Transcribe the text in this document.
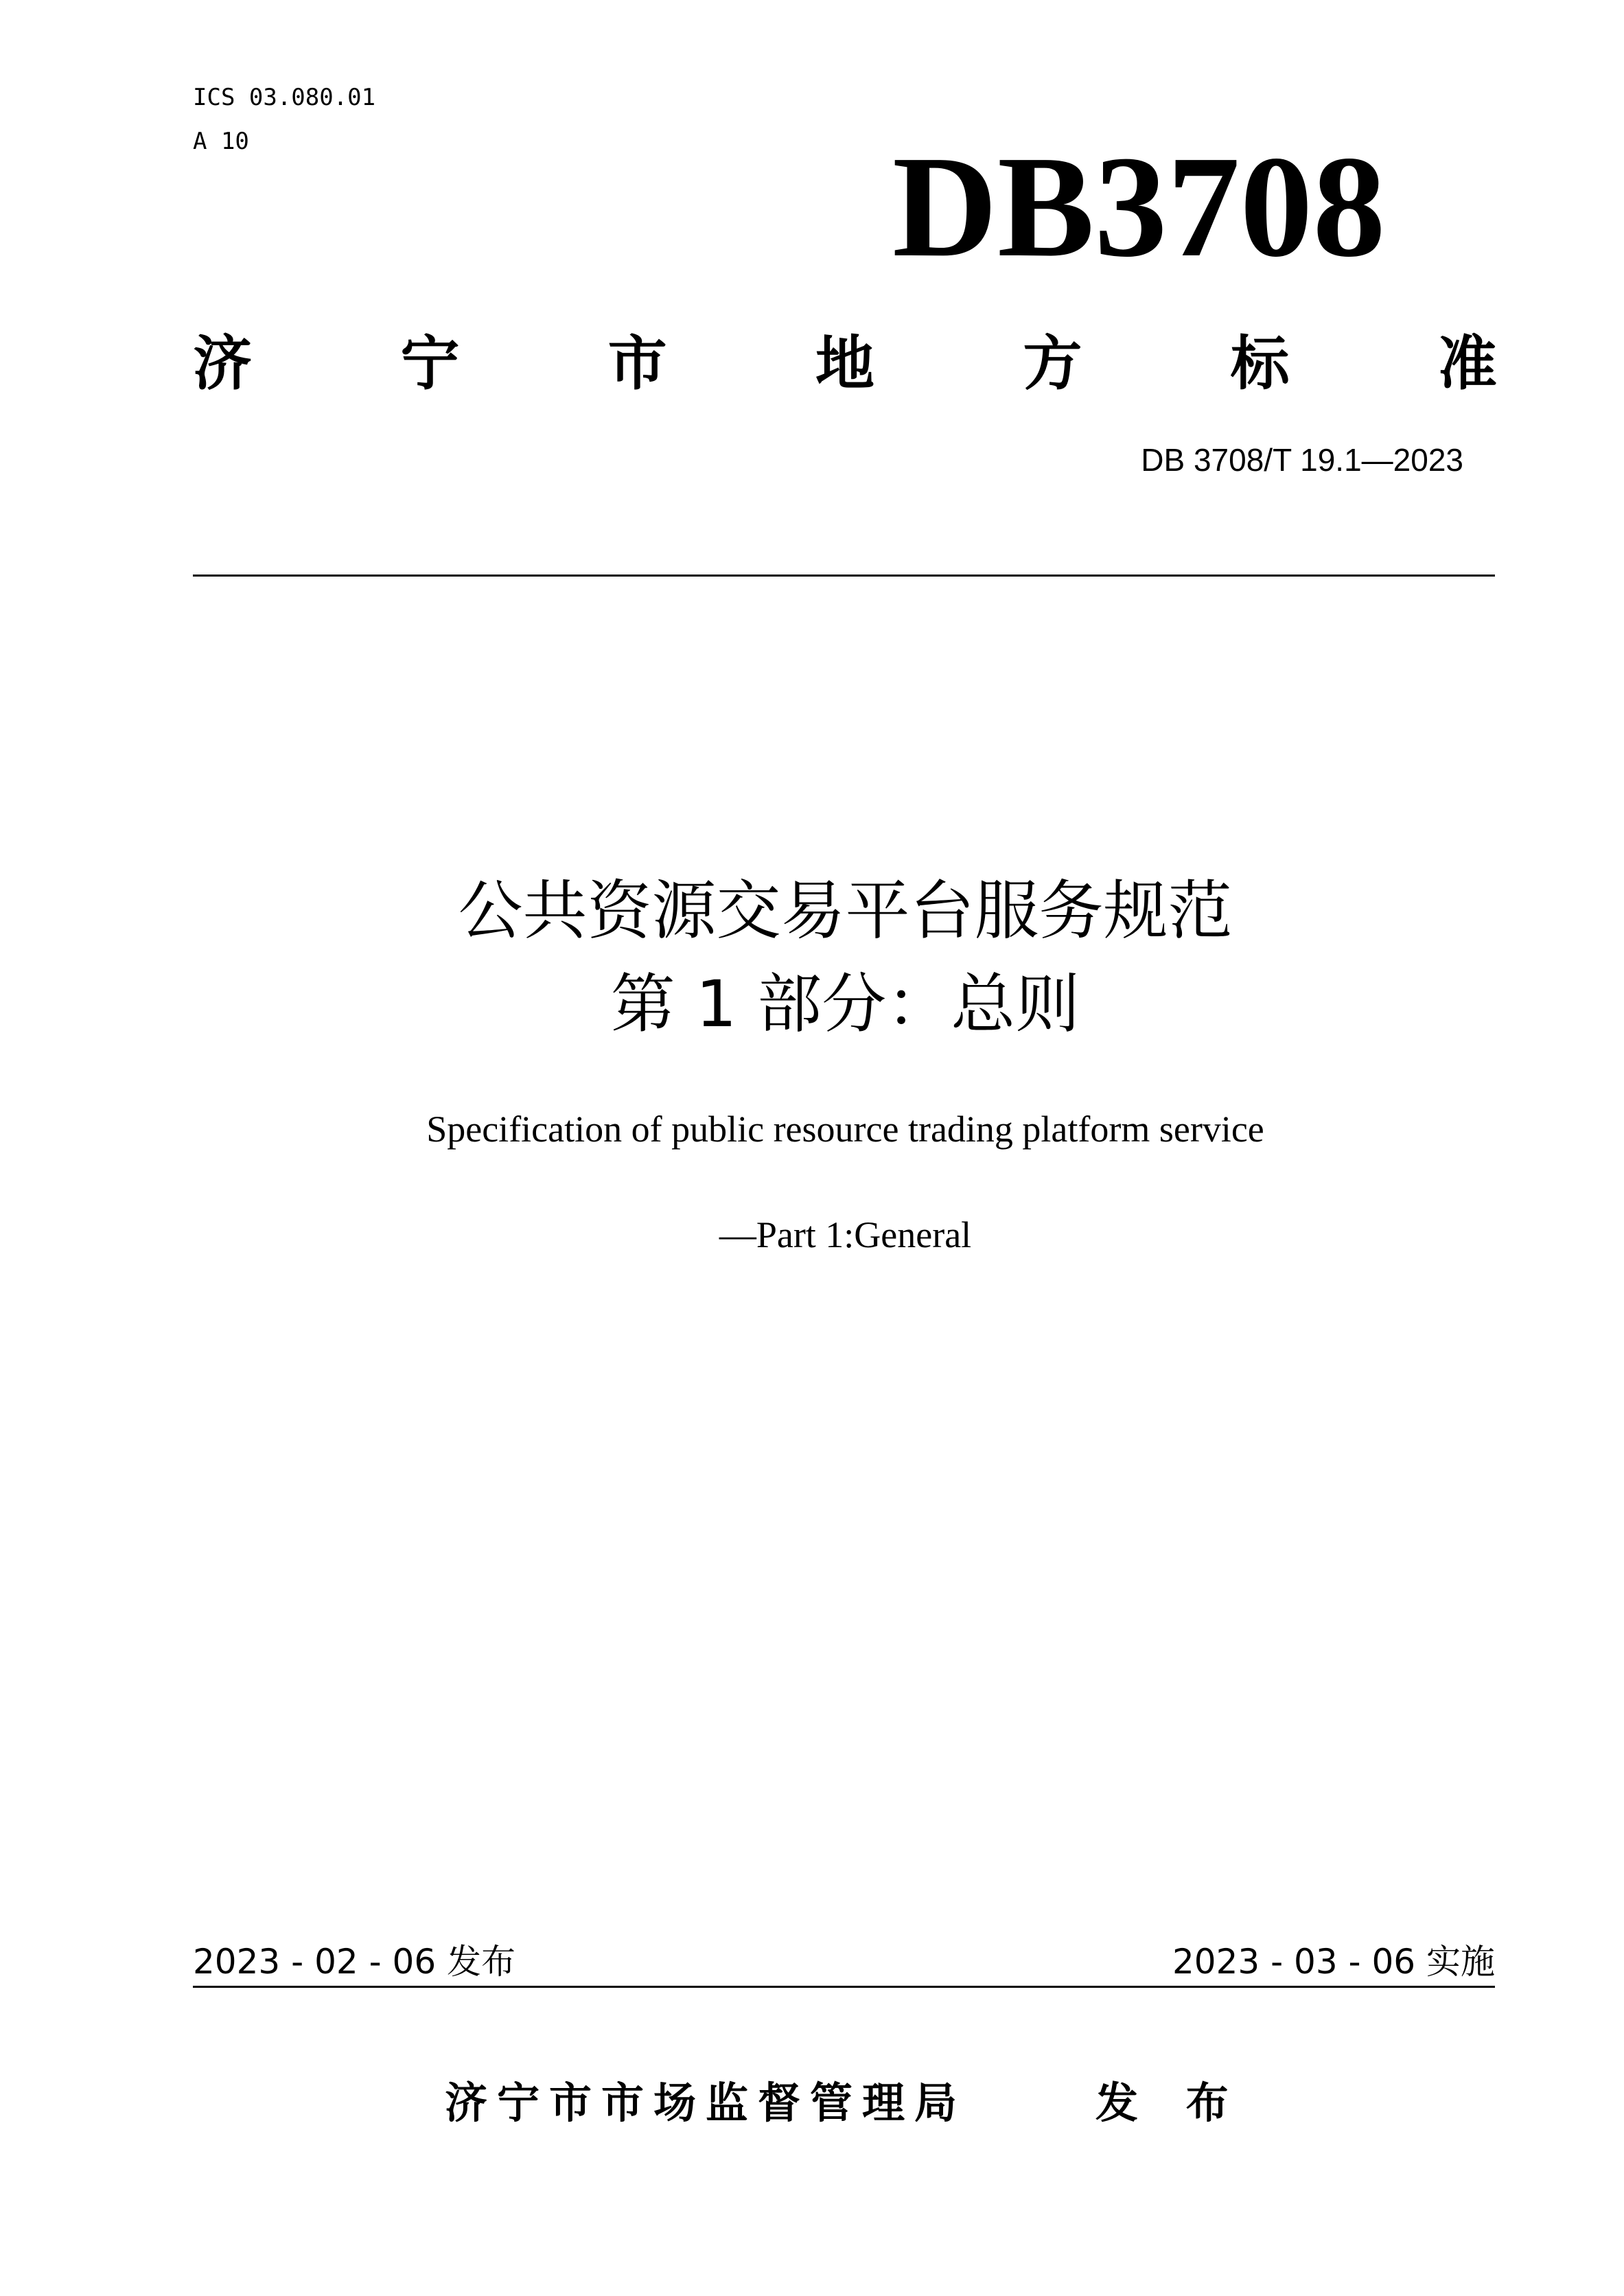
ICS 03.080.01
A 10	DB3708
济	宁	市	地	方	标	准
DB 3708/T 19.1—2023
公共资源交易平台服务规范
第 1 部分：总则
Specification of public resource trading platform service
—Part 1:General
2023 - 02 - 06 发布	2023 - 03 - 06 实施
济宁市市场监督管理局	发 布
